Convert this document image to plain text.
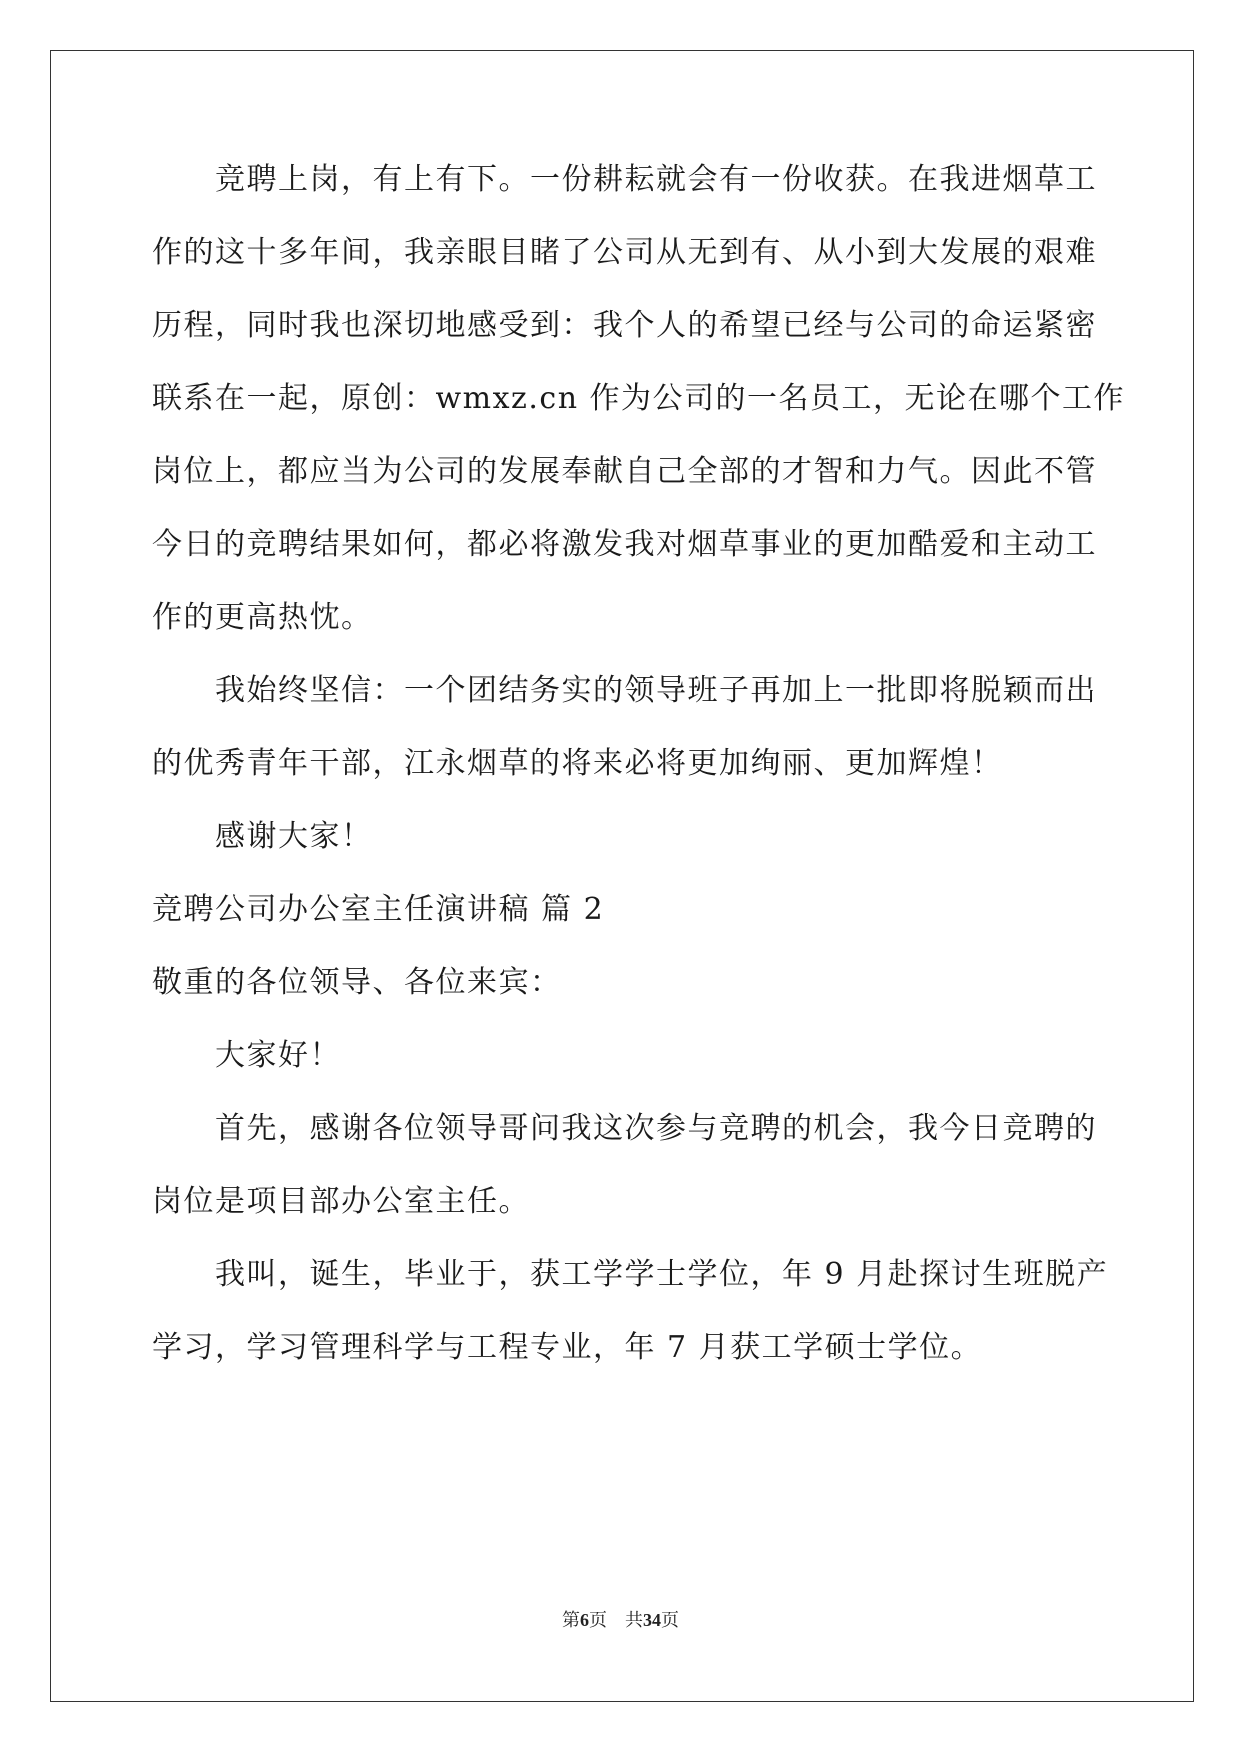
　　竞聘上岗，有上有下。一份耕耘就会有一份收获。在我进烟草工
作的这十多年间，我亲眼目睹了公司从无到有、从小到大发展的艰难
历程，同时我也深切地感受到：我个人的希望已经与公司的命运紧密
联系在一起，原创：wmxz.cn 作为公司的一名员工，无论在哪个工作
岗位上，都应当为公司的发展奉献自己全部的才智和力气。因此不管
今日的竞聘结果如何，都必将激发我对烟草事业的更加酷爱和主动工
作的更高热忱。
　　我始终坚信：一个团结务实的领导班子再加上一批即将脱颖而出
的优秀青年干部，江永烟草的将来必将更加绚丽、更加辉煌！
　　感谢大家！
竞聘公司办公室主任演讲稿 篇 2
敬重的各位领导、各位来宾：
　　大家好！
　　首先，感谢各位领导哥问我这次参与竞聘的机会，我今日竞聘的
岗位是项目部办公室主任。
　　我叫，诞生，毕业于，获工学学士学位，年 9 月赴探讨生班脱产
学习，学习管理科学与工程专业，年 7 月获工学硕士学位。
第6页 共34页
